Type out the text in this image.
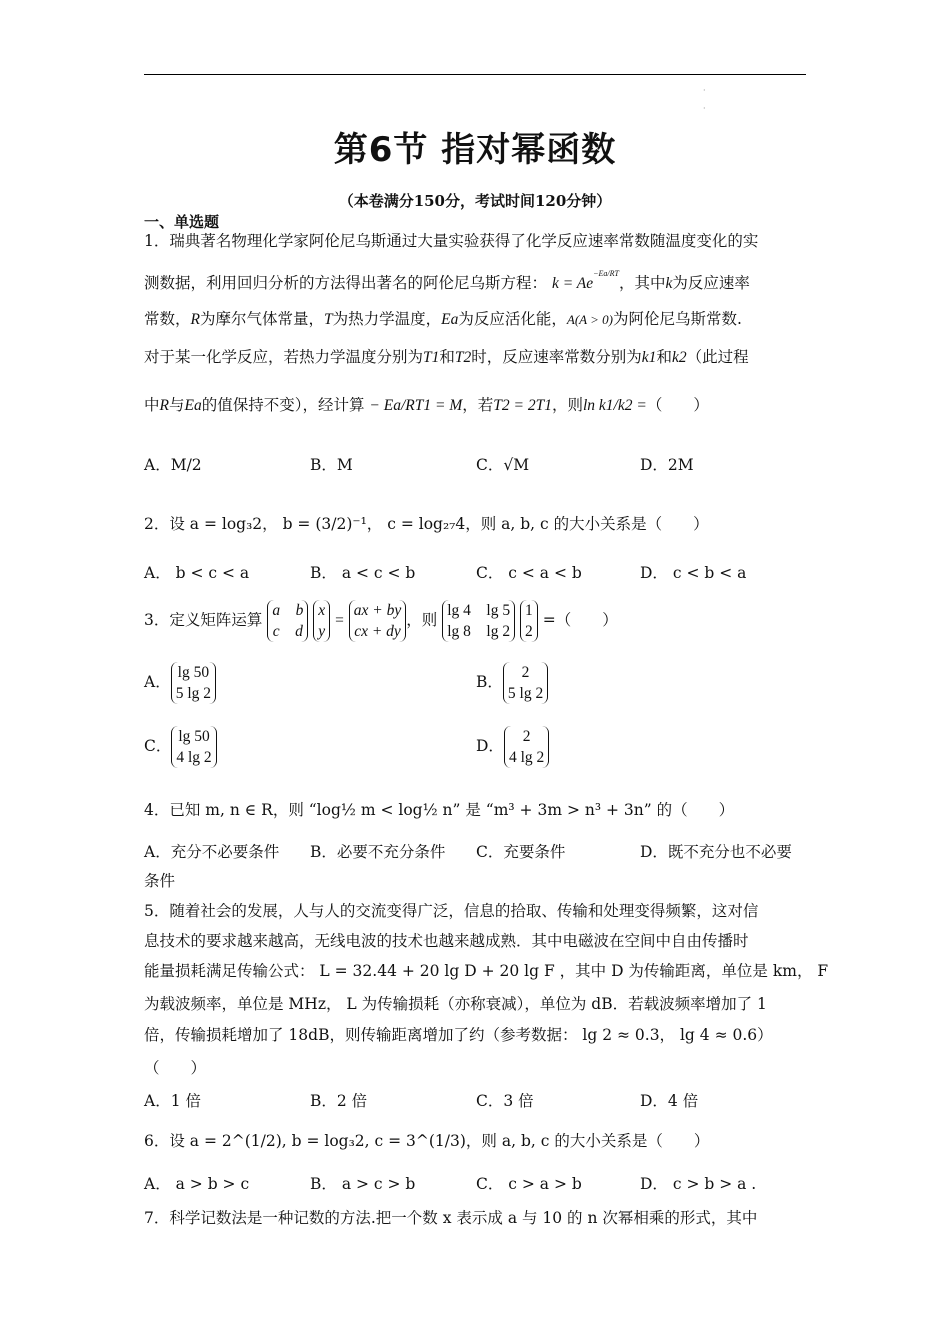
·
·
第6节 指对幂函数
（本卷满分150分，考试时间120分钟）
一、单选题
1．瑞典著名物理化学家阿伦尼乌斯通过大量实验获得了化学反应速率常数随温度变化的实
测数据，利用回归分析的方法得出著名的阿伦尼乌斯方程： $k = Ae^{-Ea/RT}$，其中k为反应速率
常数，R为摩尔气体常量，T为热力学温度，Ea为反应活化能，A(A > 0)为阿伦尼乌斯常数.
对于某一化学反应，若热力学温度分别为T1和T2时，反应速率常数分别为k1和k2（此过程
中R与Ea的值保持不变），经计算 − Ea/RT1 = M，若T2 = 2T1，则ln k1/k2 =（　　）
A．M/2	B．M	C．√M	D．2M
2．设 a = log₃2， b = (3/2)⁻¹， c = log₂₇4，则 a, b, c 的大小关系是（　　）
A． b < c < a	B． a < c < b	C． c < a < b	D． c < b < a
3．定义矩阵运算
a　b
c　d

x
y
=
ax + by
cx + dy
，则
lg 4　lg 5
lg 8　lg 2

1
2
=（　　）
A．
lg 50
5 lg 2
B．
2
5 lg 2
C．
lg 50
4 lg 2
D．
2
4 lg 2
4．已知 m, n ∈ R，则 “log½ m < log½ n” 是 “m³ + 3m > n³ + 3n” 的（　　）
A．充分不必要条件 B．必要不充分条件 C．充要条件	D．既不充分也不必要
条件
5．随着社会的发展，人与人的交流变得广泛，信息的拾取、传输和处理变得频繁，这对信
息技术的要求越来越高，无线电波的技术也越来越成熟．其中电磁波在空间中自由传播时
能量损耗满足传输公式： L = 32.44 + 20 lg D + 20 lg F ，其中 D 为传输距离，单位是 km， F
为载波频率，单位是 MHz， L 为传输损耗（亦称衰减），单位为 dB．若载波频率增加了 1
倍，传输损耗增加了 18dB，则传输距离增加了约（参考数据： lg 2 ≈ 0.3， lg 4 ≈ 0.6）
（　　）
A．1 倍	B．2 倍	C．3 倍	D．4 倍
6．设 a = 2^(1/2), b = log₃2, c = 3^(1/3)，则 a, b, c 的大小关系是（　　）
A． a > b > c	B． a > c > b	C． c > a > b	D． c > b > a .
7．科学记数法是一种记数的方法.把一个数 x 表示成 a 与 10 的 n 次幂相乘的形式，其中
